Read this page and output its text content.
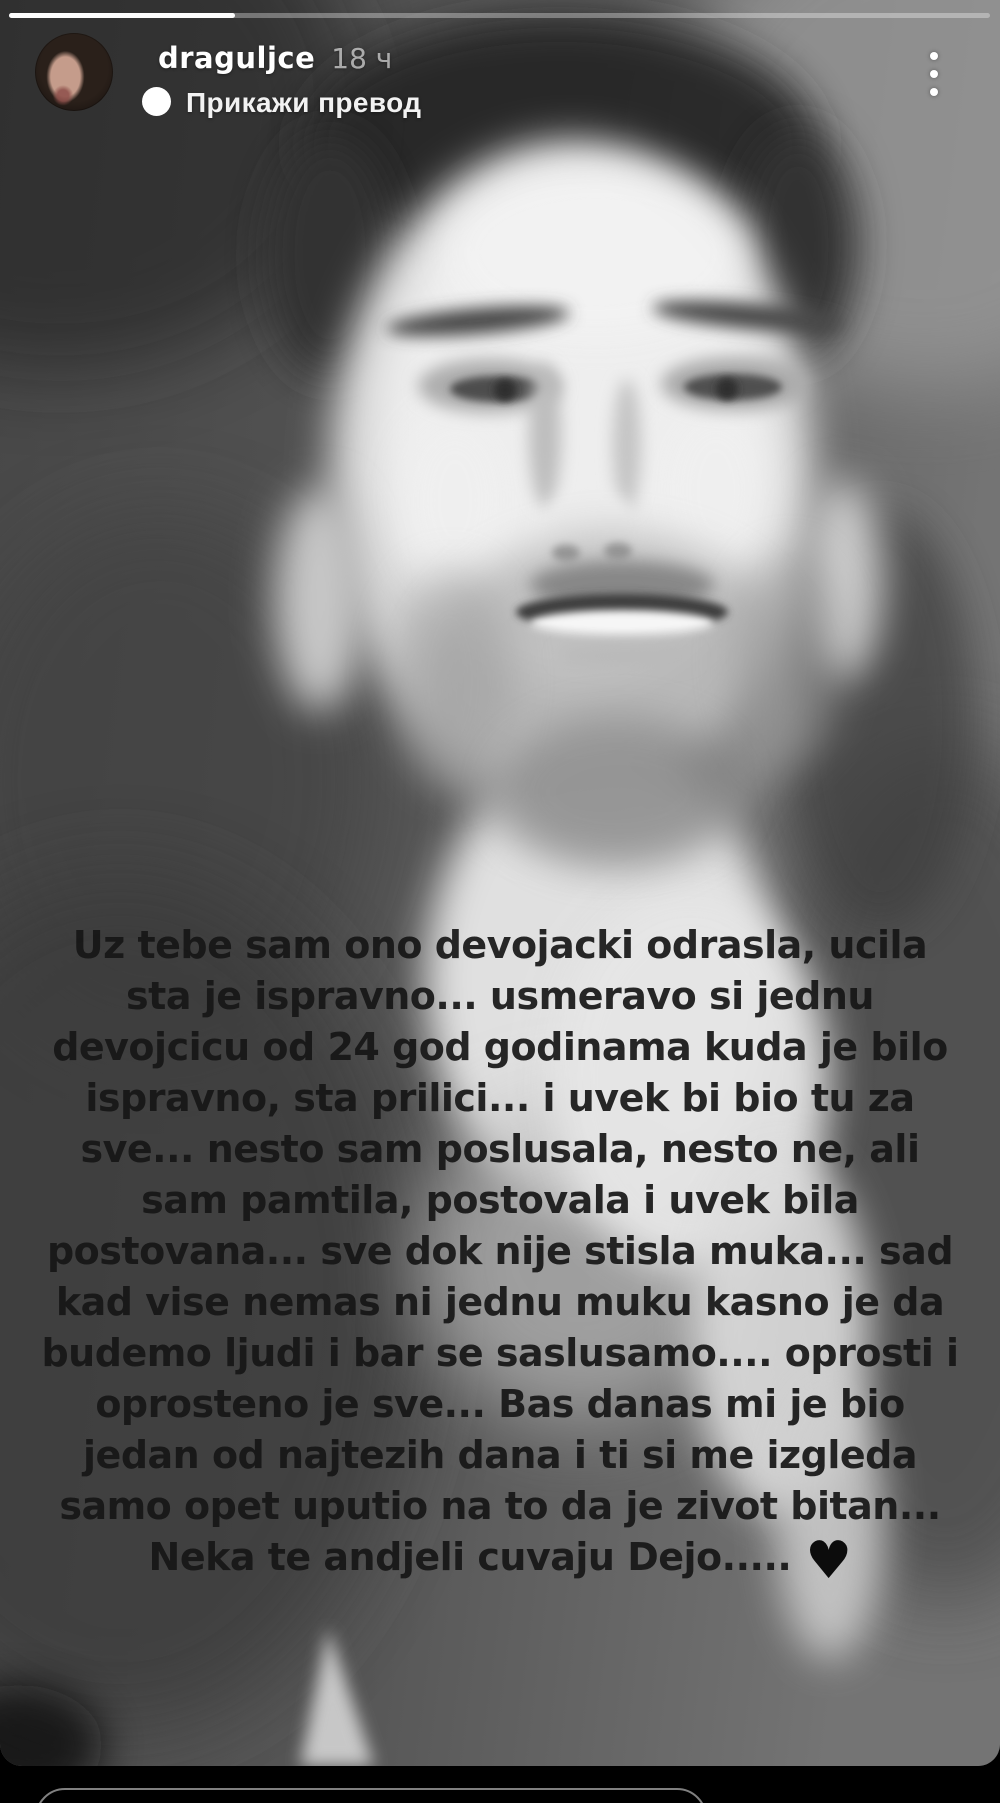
Uz tebe sam ono devojacki odrasla, ucila
sta je ispravno... usmeravo si jednu
devojcicu od 24 god godinama kuda je bilo
ispravno, sta prilici... i uvek bi bio tu za
sve... nesto sam poslusala, nesto ne, ali
sam pamtila, postovala i uvek bila
postovana... sve dok nije stisla muka... sad
kad vise nemas ni jednu muku kasno je da
budemo ljudi i bar se saslusamo.... oprosti i
oprosteno je sve... Bas danas mi je bio
jedan od najtezih dana i ti si me izgleda
samo opet uputio na to da je zivot bitan...
Neka te andjeli cuvaju Dejo..... ♥
draguljce 18 ч
Прикажи превод
